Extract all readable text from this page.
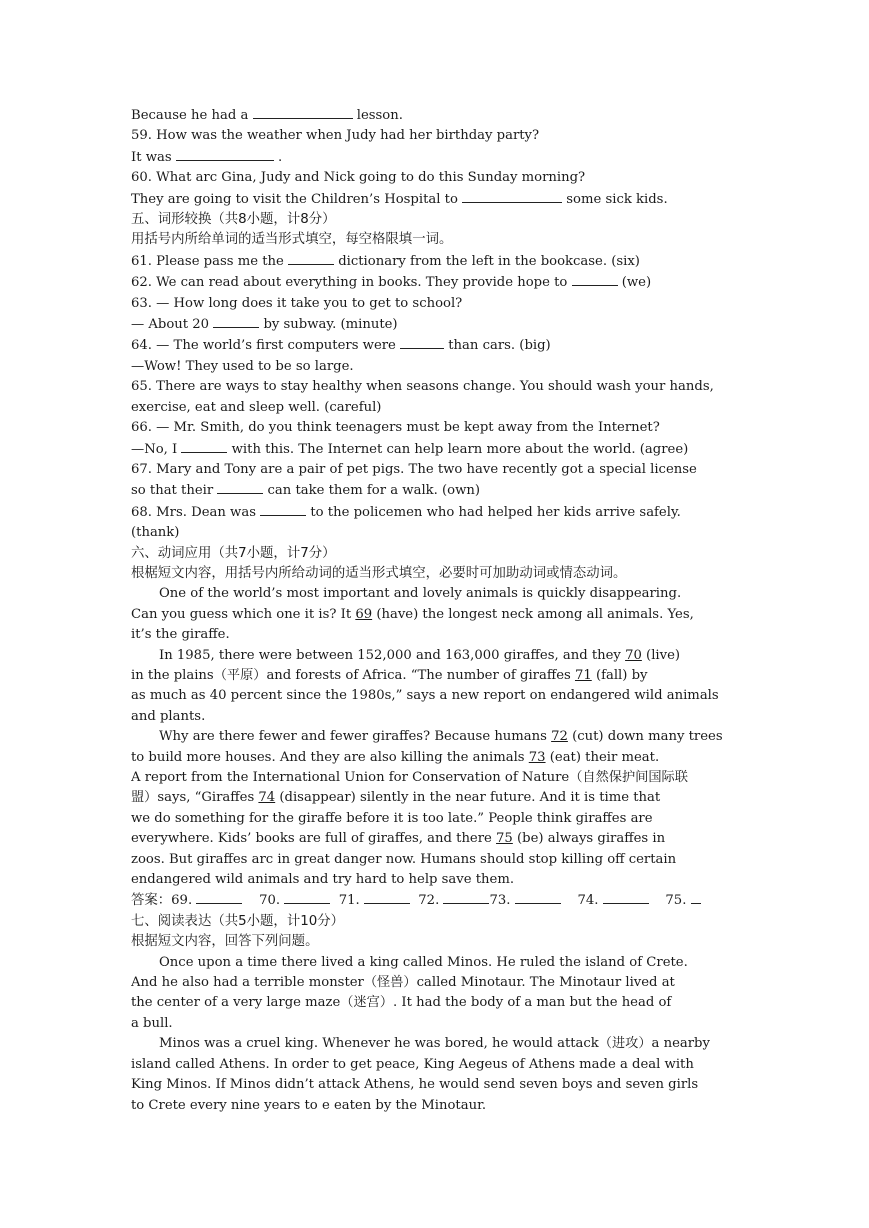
Because he had a	lesson.
59. How was the weather when Judy had her birthday party?
It was	.
60. What arc Gina, Judy and Nick going to do this Sunday morning?
They are going to visit the Children’s Hospital to	some sick kids.
五、词形较换（共8小题，计8分）
用括号内所给单词的适当形式填空，每空格限填一词。
61. Please pass me the	dictionary from the left in the bookcase. (six)
62. We can read about everything in books. They provide hope to	(we)
63. — How long does it take you to get to school?
— About 20	by subway. (minute)
64. — The world’s first computers were	than cars. (big)
—Wow! They used to be so large.
65. There are ways to stay healthy when seasons change. You should wash your hands,
exercise, eat and sleep well. (careful)
66. — Mr. Smith, do you think teenagers must be kept away from the Internet?
—No, I	with this. The Internet can help learn more about the world. (agree)
67. Mary and Tony are a pair of pet pigs. The two have recently got a special license
so that their	can take them for a walk. (own)
68. Mrs. Dean was	to the policemen who had helped her kids arrive safely.
(thank)
六、动词应用（共7小题，计7分）
根椐短文内容，用括号内所给动词的适当形式填空，必要时可加助动词或情态动词。
One of the world’s most important and lovely animals is quickly disappearing.
Can you guess which one it is? It 69 (have) the longest neck among all animals. Yes,
it’s the giraffe.
In 1985, there were between 152,000 and 163,000 giraffes, and they 70 (live)
in the plains（平原）and forests of Africa. “The number of giraffes 71 (fall) by
as much as 40 percent since the 1980s,” says a new report on endangered wild animals
and plants.
Why are there fewer and fewer giraffes? Because humans 72 (cut) down many trees
to build more houses. And they are also killing the animals 73 (eat) their meat.
A report from the International Union for Conservation of Nature（自然保护间国际联
盟）says, “Giraffes 74 (disappear) silently in the near future. And it is time that
we do something for the giraffe before it is too late.” People think giraffes are
everywhere. Kids’ books are full of giraffes, and there 75 (be) always giraffes in
zoos. But giraffes arc in great danger now. Humans should stop killing off certain
endangered wild animals and try hard to help save them.
答案：69.	70.	71.	72.	73.	74.	75.
七、阅读表达（共5小题，计10分）
根据短文内容，回答下列问题。
Once upon a time there lived a king called Minos. He ruled the island of Crete.
And he also had a terrible monster（怪兽）called Minotaur. The Minotaur lived at
the center of a very large maze（迷宫）. It had the body of a man but the head of
a bull.
Minos was a cruel king. Whenever he was bored, he would attack（进攻）a nearby
island called Athens. In order to get peace, King Aegeus of Athens made a deal with
King Minos. If Minos didn’t attack Athens, he would send seven boys and seven girls
to Crete every nine years to e eaten by the Minotaur.
